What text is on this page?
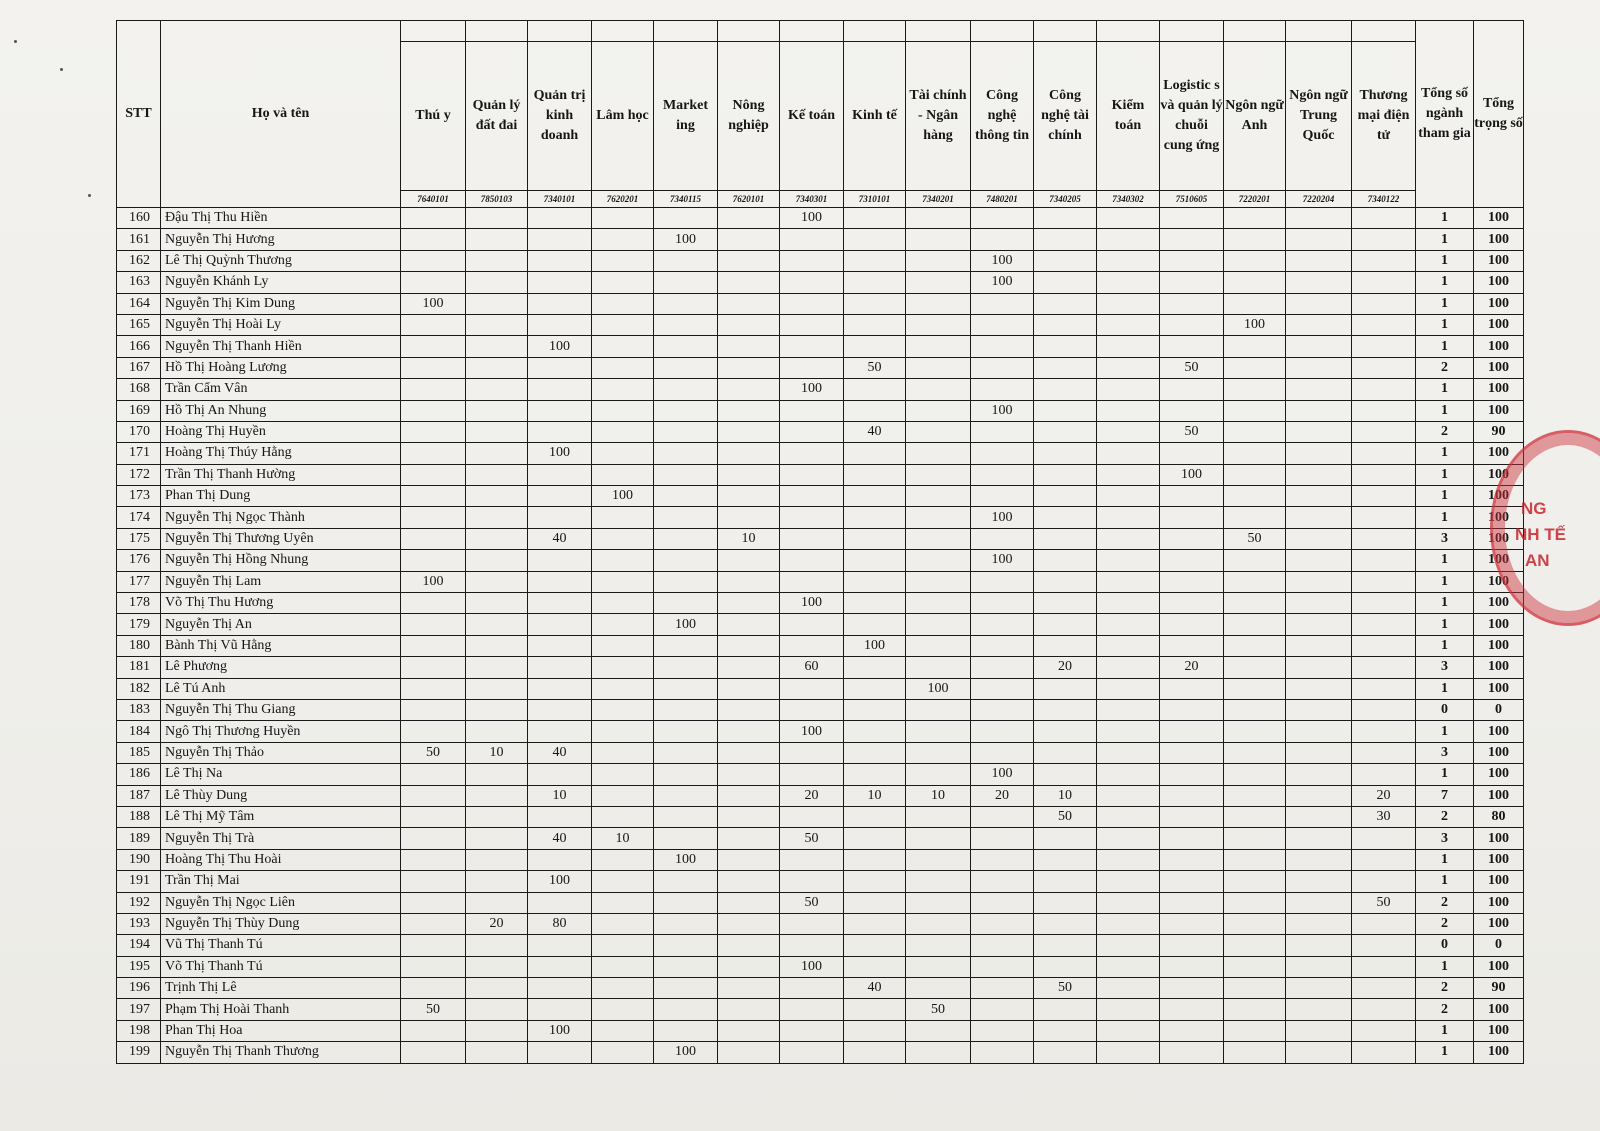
STT	Họ và tên																	Tổng số ngành tham gia	Tổng trọng số
		Thú y	Quản lý đất đai	Quản trị kinh doanh	Lâm học	Market ing	Nông nghiệp	Kế toán	Kinh tế	Tài chính - Ngân hàng	Công nghệ thông tin	Công nghệ tài chính	Kiểm toán	Logistic s và quản lý chuỗi cung ứng	Ngôn ngữ Anh	Ngôn ngữ Trung Quốc	Thương mại điện tử		
		7640101	7850103	7340101	7620201	7340115	7620101	7340301	7310101	7340201	7480201	7340205	7340302	7510605	7220201	7220204	7340122		
160	Đậu Thị Thu Hiền							100										1	100
161	Nguyễn Thị Hương					100												1	100
162	Lê Thị Quỳnh Thương										100							1	100
163	Nguyễn Khánh Ly										100							1	100
164	Nguyễn Thị Kim Dung	100																1	100
165	Nguyễn Thị Hoài Ly														100			1	100
166	Nguyễn Thị Thanh Hiền			100														1	100
167	Hồ Thị Hoàng Lương								50					50				2	100
168	Trần Cẩm Vân							100										1	100
169	Hồ Thị An Nhung										100							1	100
170	Hoàng Thị Huyền								40					50				2	90
171	Hoàng Thị Thúy Hằng			100														1	100
172	Trần Thị Thanh Hường													100				1	100
173	Phan Thị Dung				100													1	100
174	Nguyễn Thị Ngọc Thành										100							1	100
175	Nguyễn Thị Thương Uyên			40			10								50			3	100
176	Nguyễn Thị Hồng Nhung										100							1	100
177	Nguyễn Thị Lam	100																1	100
178	Võ Thị Thu Hương							100										1	100
179	Nguyễn Thị An					100												1	100
180	Bành Thị Vũ Hằng								100									1	100
181	Lê Phương							60				20		20				3	100
182	Lê Tú Anh									100								1	100
183	Nguyễn Thị Thu Giang																	0	0
184	Ngô Thị Thương Huyền							100										1	100
185	Nguyễn Thị Thảo	50	10	40														3	100
186	Lê Thị Na										100							1	100
187	Lê Thùy Dung			10				20	10	10	20	10					20	7	100
188	Lê Thị Mỹ Tâm											50					30	2	80
189	Nguyễn Thị Trà			40	10			50										3	100
190	Hoàng Thị Thu Hoài					100												1	100
191	Trần Thị Mai			100														1	100
192	Nguyễn Thị Ngọc Liên							50									50	2	100
193	Nguyễn Thị Thùy Dung		20	80														2	100
194	Vũ Thị Thanh Tú																	0	0
195	Võ Thị Thanh Tú							100										1	100
196	Trịnh Thị Lê								40			50						2	90
197	Phạm Thị Hoài Thanh	50								50								2	100
198	Phan Thị Hoa			100														1	100
199	Nguyễn Thị Thanh Thương					100												1	100
NG
NH TẾ
AN
